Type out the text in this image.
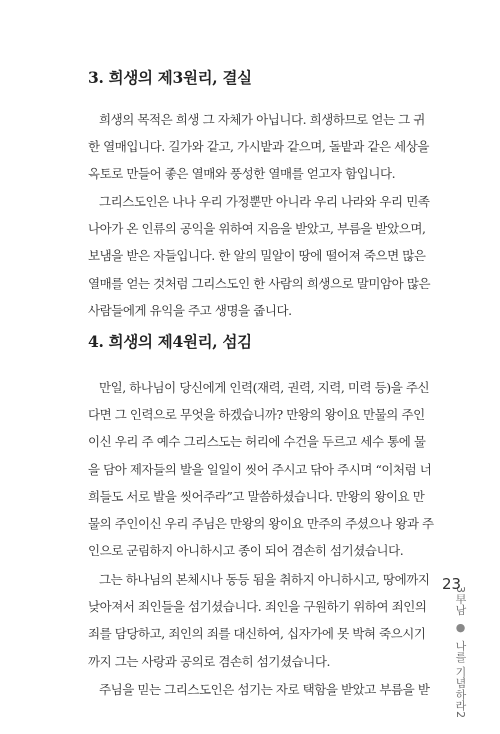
3. 희생의 제3원리, 결실
희생의 목적은 희생 그 자체가 아닙니다. 희생하므로 얻는 그 귀
한 열매입니다. 길가와 같고, 가시밭과 같으며, 돌밭과 같은 세상을
옥토로 만들어 좋은 열매와 풍성한 열매를 얻고자 함입니다.
그리스도인은 나나 우리 가정뿐만 아니라 우리 나라와 우리 민족
나아가 온 인류의 공익을 위하여 지음을 받았고, 부름을 받았으며,
보냄을 받은 자들입니다. 한 알의 밀알이 땅에 떨어져 죽으면 많은
열매를 얻는 것처럼 그리스도인 한 사람의 희생으로 말미암아 많은
사람들에게 유익을 주고 생명을 줍니다.
4. 희생의 제4원리, 섬김
만일, 하나님이 당신에게 인력(재력, 권력, 지력, 미력 등)을 주신
다면 그 인력으로 무엇을 하겠습니까? 만왕의 왕이요 만물의 주인
이신 우리 주 예수 그리스도는 허리에 수건을 두르고 세수 통에 물
을 담아 제자들의 발을 일일이 씻어 주시고 닦아 주시며 “이처럼 너
희들도 서로 발을 씻어주라”고 말씀하셨습니다. 만왕의 왕이요 만
물의 주인이신 우리 주님은 만왕의 왕이요 만주의 주셨으나 왕과 주
인으로 군림하지 아니하시고 종이 되어 겸손히 섬기셨습니다.
그는 하나님의 본체시나 동등 됨을 취하지 아니하시고, 땅에까지
낮아져서 죄인들을 섬기셨습니다. 죄인을 구원하기 위하여 죄인의
죄를 담당하고, 죄인의 죄를 대신하여, 십자가에 못 박혀 죽으시기
까지 그는 사랑과 공의로 겸손히 섬기셨습니다.
주님을 믿는 그리스도인은 섬기는 자로 택함을 받았고 부름을 받
3早남 ● 나를 기념하라2
23
